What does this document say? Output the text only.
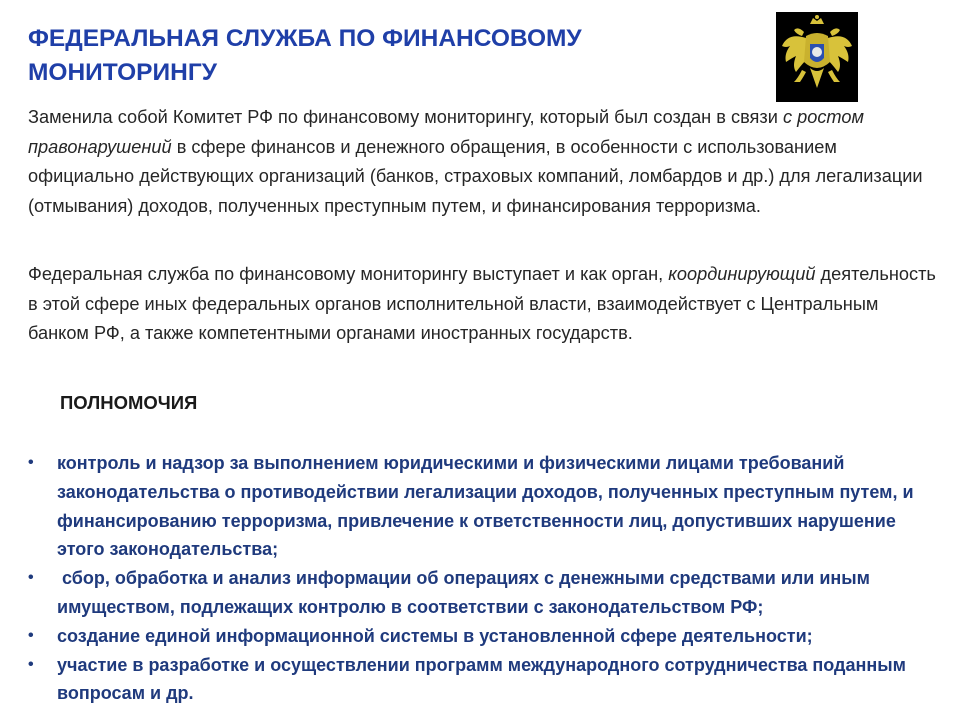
ФЕДЕРАЛЬНАЯ СЛУЖБА ПО ФИНАНСОВОМУ
МОНИТОРИНГУ

Заменила собой Комитет РФ по финансовому мониторингу, который был создан в связи с ростом правонарушений в сфере финансов и денежного обращения, в особенности с использованием официально действующих организаций (банков, страховых компаний, ломбардов и др.) для легализации (отмывания) доходов, полученных преступным путем, и финансирования терроризма.

Федеральная служба по финансовому мониторингу выступает и как орган, координирующий деятельность в этой сфере иных федеральных органов исполнительной власти, взаимодействует с Центральным банком РФ, а также компетентными органами иностранных государств.

ПОЛНОМОЧИЯ
•	контроль и надзор за выполнением юридическими и физическими лицами требований законодательства о противодействии легализации доходов, полученных преступным путем, и финансированию терроризма, привлечение к ответственности лиц, допустивших нарушение этого законодательства;
•	сбор, обработка и анализ информации об операциях с денежными средствами или иным имуществом, подлежащих контролю в соответствии с законодательством РФ;
•	создание единой информационной системы в установленной сфере деятельности;
•	участие в разработке и осуществлении программ международного сотрудничества поданным вопросам и др.
